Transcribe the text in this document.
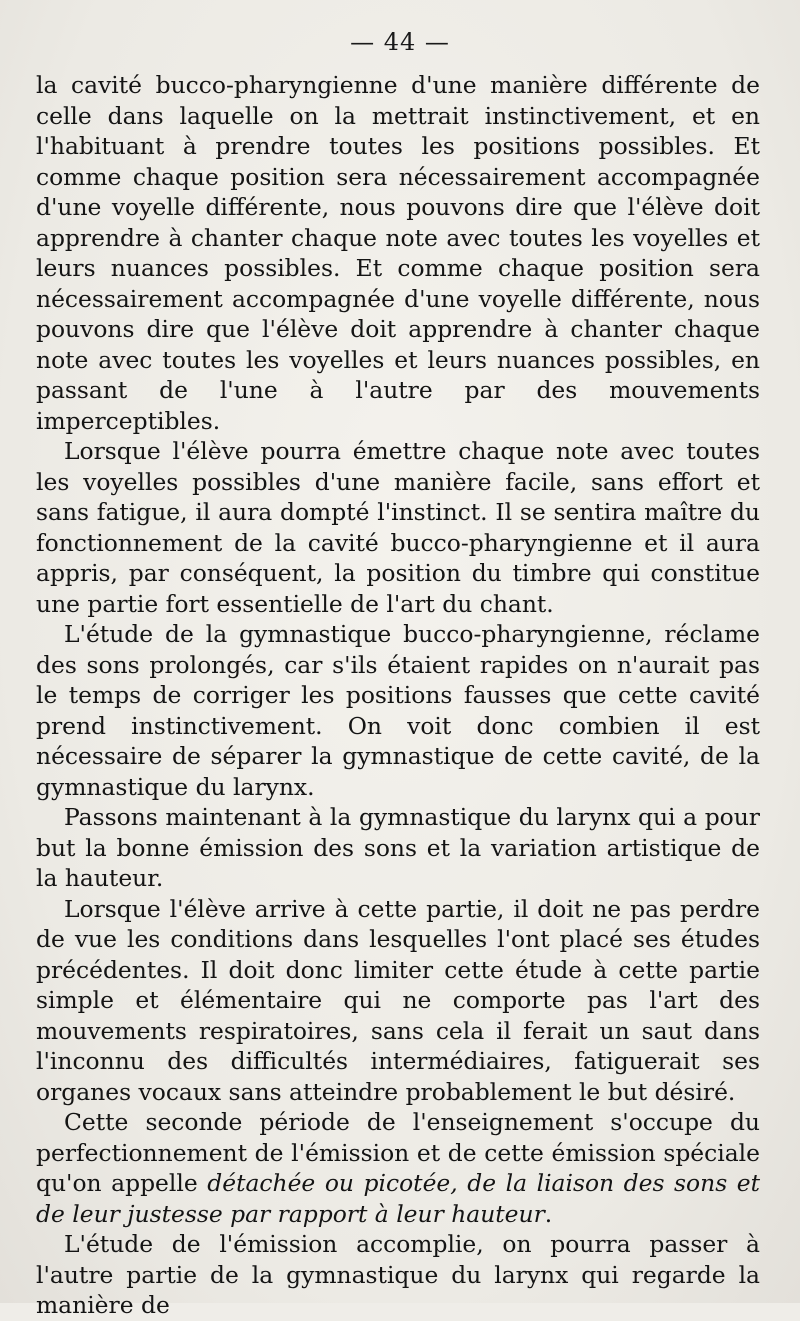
— 44 —

la cavité bucco-pharyngienne d'une manière différente de celle dans laquelle on la mettrait instinctivement, et en l'habituant à prendre toutes les positions possibles. Et comme chaque position sera nécessairement accompagnée d'une voyelle différente, nous pouvons dire que l'élève doit apprendre à chanter chaque note avec toutes les voyelles et leurs nuances possibles. Et comme chaque position sera nécessairement accompagnée d'une voyelle différente, nous pouvons dire que l'élève doit apprendre à chanter chaque note avec toutes les voyelles et leurs nuances possibles, en passant de l'une à l'autre par des mouvements imperceptibles.

Lorsque l'élève pourra émettre chaque note avec toutes les voyelles possibles d'une manière facile, sans effort et sans fatigue, il aura dompté l'instinct. Il se sentira maître du fonctionnement de la cavité bucco-pharyngienne et il aura appris, par conséquent, la position du timbre qui constitue une partie fort essentielle de l'art du chant.

L'étude de la gymnastique bucco-pharyngienne, réclame des sons prolongés, car s'ils étaient rapides on n'aurait pas le temps de corriger les positions fausses que cette cavité prend instinctivement. On voit donc combien il est nécessaire de séparer la gymnastique de cette cavité, de la gymnastique du larynx.

Passons maintenant à la gymnastique du larynx qui a pour but la bonne émission des sons et la variation artistique de la hauteur.

Lorsque l'élève arrive à cette partie, il doit ne pas perdre de vue les conditions dans lesquelles l'ont placé ses études précédentes. Il doit donc limiter cette étude à cette partie simple et élémentaire qui ne comporte pas l'art des mouvements respiratoires, sans cela il ferait un saut dans l'inconnu des difficultés intermédiaires, fatiguerait ses organes vocaux sans atteindre probablement le but désiré.

Cette seconde période de l'enseignement s'occupe du perfectionnement de l'émission et de cette émission spéciale qu'on appelle détachée ou picotée, de la liaison des sons et de leur justesse par rapport à leur hauteur.

L'étude de l'émission accomplie, on pourra passer à l'autre partie de la gymnastique du larynx qui regarde la manière de
